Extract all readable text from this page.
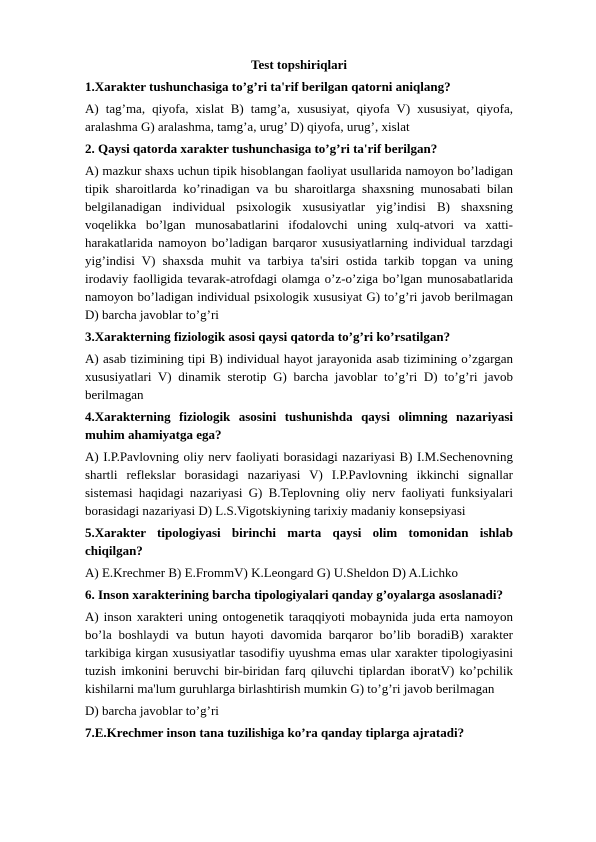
Test topshiriqlari

1.Xarakter tushunchasiga to’g’ri ta'rif berilgan qatorni aniqlang?

A) tag’ma, qiyofa, xislat B) tamg’a, xususiyat, qiyofa V) xususiyat, qiyofa, aralashma G) aralashma, tamg’a, urug’ D) qiyofa, urug’, xislat

2. Qaysi qatorda xarakter tushunchasiga to’g’ri ta'rif berilgan?

A) mazkur shaxs uchun tipik hisoblangan faoliyat usullarida namoyon bo’ladigan tipik sharoitlarda ko’rinadigan va bu sharoitlarga shaxsning munosabati bilan belgilanadigan individual psixologik xususiyatlar yig’indisi B) shaxsning voqelikka bo’lgan munosabatlarini ifodalovchi uning xulq-atvori va xatti-harakatlarida namoyon bo’ladigan barqaror xususiyatlarning individual tarzdagi yig’indisi V) shaxsda muhit va tarbiya ta'siri ostida tarkib topgan va uning irodaviy faolligida tevarak-atrofdagi olamga o’z-o’ziga bo’lgan munosabatlarida namoyon bo’ladigan individual psixologik xususiyat G) to’g’ri javob berilmagan D) barcha javoblar to’g’ri

3.Xarakterning fiziologik asosi qaysi qatorda to’g’ri ko’rsatilgan?

A) asab tizimining tipi B) individual hayot jarayonida asab tizimining o’zgargan xususiyatlari V) dinamik sterotip G) barcha javoblar to’g’ri D) to’g’ri javob berilmagan

4.Xarakterning fiziologik asosini tushunishda qaysi olimning nazariyasi muhim ahamiyatga ega?

A) I.P.Pavlovning oliy nerv faoliyati borasidagi nazariyasi B) I.M.Sechenovning shartli reflekslar borasidagi nazariyasi V) I.P.Pavlovning ikkinchi signallar sistemasi haqidagi nazariyasi G) B.Teplovning oliy nerv faoliyati funksiyalari borasidagi nazariyasi D) L.S.Vigotskiyning tarixiy madaniy konsepsiyasi

5.Xarakter tipologiyasi birinchi marta qaysi olim tomonidan ishlab chiqilgan?

A) E.Krechmer B) E.FrommV) K.Leongard G) U.Sheldon D) A.Lichko

6. Inson xarakterining barcha tipologiyalari qanday g’oyalarga asoslanadi?

A) inson xarakteri uning ontogenetik taraqqiyoti mobaynida juda erta namoyon bo’la boshlaydi va butun hayoti davomida barqaror bo’lib boradiB) xarakter tarkibiga kirgan xususiyatlar tasodifiy uyushma emas ular xarakter tipologiyasini tuzish imkonini beruvchi bir-biridan farq qiluvchi tiplardan iboratV) ko’pchilik kishilarni ma'lum guruhlarga birlashtirish mumkin G) to’g’ri javob berilmagan

D) barcha javoblar to’g’ri

7.E.Krechmer inson tana tuzilishiga ko’ra qanday tiplarga ajratadi?
